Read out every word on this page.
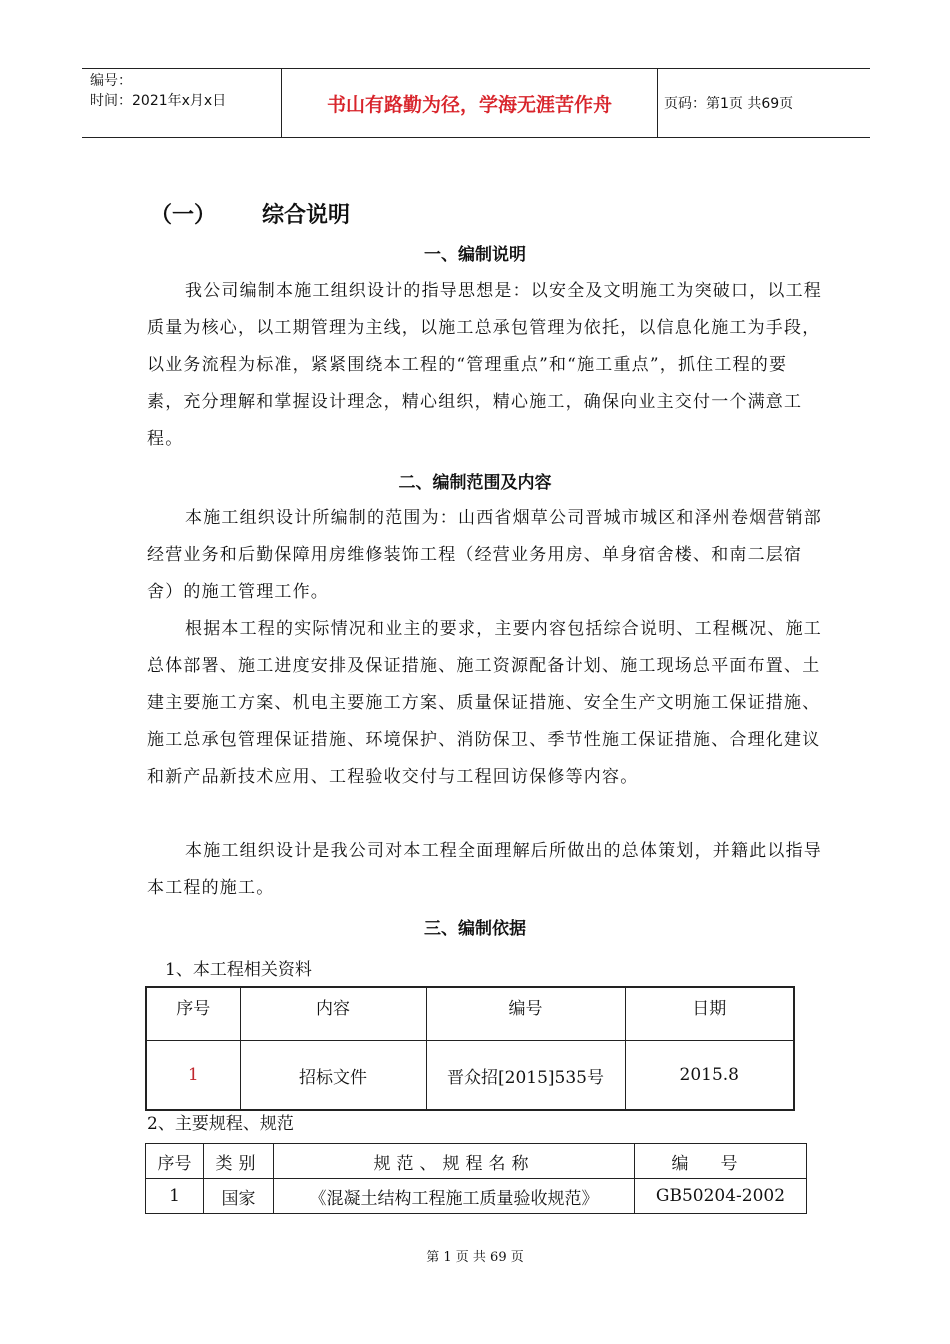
编号：
时间：2021年x月x日	书山有路勤为径，学海无涯苦作舟	页码：第1页 共69页
（一） 综合说明
一、编制说明
我公司编制本施工组织设计的指导思想是：以安全及文明施工为突破口，以工程质量为核心，以工期管理为主线，以施工总承包管理为依托，以信息化施工为手段，以业务流程为标准，紧紧围绕本工程的“管理重点”和“施工重点”，抓住工程的要素，充分理解和掌握设计理念，精心组织，精心施工，确保向业主交付一个满意工程。
二、编制范围及内容
本施工组织设计所编制的范围为：山西省烟草公司晋城市城区和泽州卷烟营销部经营业务和后勤保障用房维修装饰工程（经营业务用房、单身宿舍楼、和南二层宿舍）的施工管理工作。
根据本工程的实际情况和业主的要求，主要内容包括综合说明、工程概况、施工总体部署、施工进度安排及保证措施、施工资源配备计划、施工现场总平面布置、土建主要施工方案、机电主要施工方案、质量保证措施、安全生产文明施工保证措施、施工总承包管理保证措施、环境保护、消防保卫、季节性施工保证措施、合理化建议和新产品新技术应用、工程验收交付与工程回访保修等内容。
本施工组织设计是我公司对本工程全面理解后所做出的总体策划，并籍此以指导本工程的施工。
三、编制依据
1、本工程相关资料
序号	内容	编号	日期
1	招标文件	晋众招[2015]535号	2015.8
2、主要规程、规范
序号	类别	规范、规程名称	编号
1	国家	《混凝土结构工程施工质量验收规范》	GB50204-2002
第 1 页 共 69 页
